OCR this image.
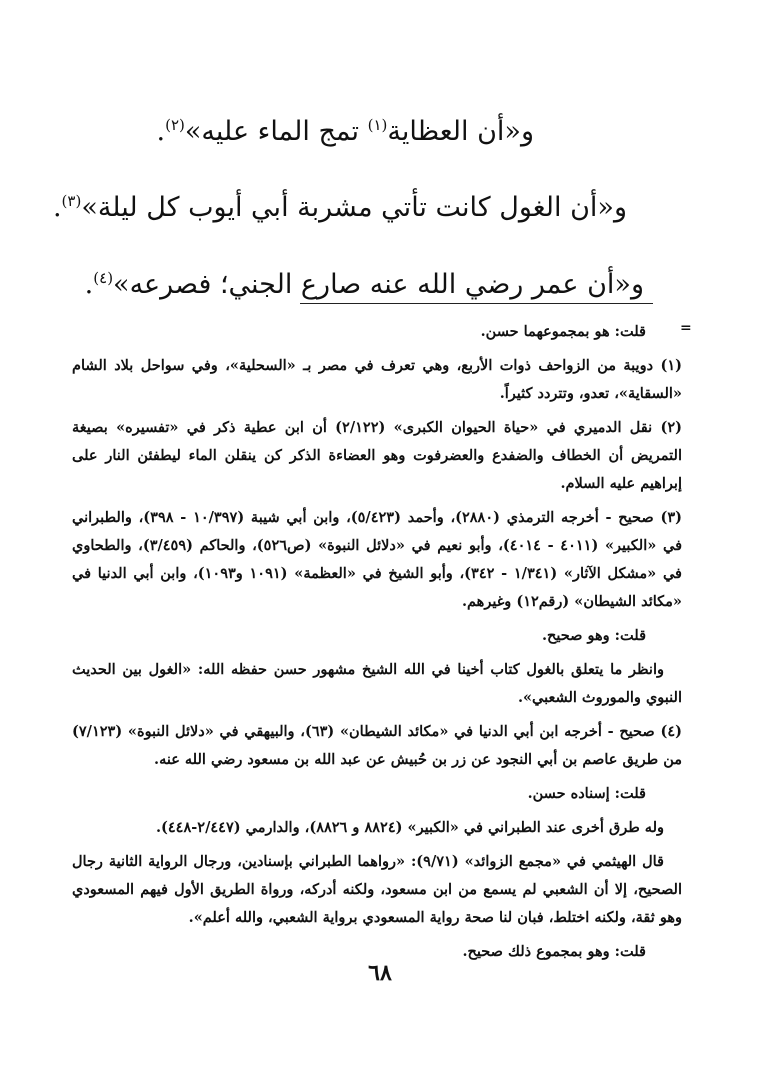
و«أن العظاية$^{(١)}$ تمج الماء عليه»$^{(٢)}$.
و«أن الغول كانت تأتي مشربة أبي أيوب كل ليلة»$^{(٣)}$.
و«أن عمر رضي الله عنه صارع الجني؛ فصرعه»$^{(٤)}$.
=

قلت: هو بمجموعهما حسن.

(١) دويبة من الزواحف ذوات الأربع، وهي تعرف في مصر بـ «السحلية»، وفي سواحل بلاد الشام «السقاية»، تعدو، وتتردد كثيراً.

(٢) نقل الدميري في «حياة الحيوان الكبرى» (٢/١٢٢) أن ابن عطية ذكر في «تفسيره» بصيغة التمريض أن الخطاف والضفدع والعضرفوت وهو العضاءة الذكر كن ينقلن الماء ليطفئن النار على إبراهيم عليه السلام.

(٣) صحيح - أخرجه الترمذي (٢٨٨٠)، وأحمد (٥/٤٢٣)، وابن أبي شيبة (١٠/٣٩٧ - ٣٩٨)، والطبراني في «الكبير» (٤٠١١ - ٤٠١٤)، وأبو نعيم في «دلائل النبوة» (ص٥٢٦)، والحاكم (٣/٤٥٩)، والطحاوي في «مشكل الآثار» (١/٣٤١ - ٣٤٢)، وأبو الشيخ في «العظمة» (١٠٩١ و١٠٩٣)، وابن أبي الدنيا في «مكائد الشيطان» (رقم١٢) وغيرهم.

قلت: وهو صحيح.

وانظر ما يتعلق بالغول كتاب أخينا في الله الشيخ مشهور حسن حفظه الله: «الغول بين الحديث النبوي والموروث الشعبي».

(٤) صحيح - أخرجه ابن أبي الدنيا في «مكائد الشيطان» (٦٣)، والبيهقي في «دلائل النبوة» (٧/١٢٣) من طريق عاصم بن أبي النجود عن زر بن حُبيش عن عبد الله بن مسعود رضي الله عنه.

قلت: إسناده حسن.

وله طرق أخرى عند الطبراني في «الكبير» (٨٨٢٤ و ٨٨٢٦)، والدارمي (٢/٤٤٧-٤٤٨).

قال الهيثمي في «مجمع الزوائد» (٩/٧١): «رواهما الطبراني بإسنادين، ورجال الرواية الثانية رجال الصحيح، إلا أن الشعبي لم يسمع من ابن مسعود، ولكنه أدركه، ورواة الطريق الأول فيهم المسعودي وهو ثقة، ولكنه اختلط، فبان لنا صحة رواية المسعودي برواية الشعبي، والله أعلم».

قلت: وهو بمجموع ذلك صحيح.

٦٨
